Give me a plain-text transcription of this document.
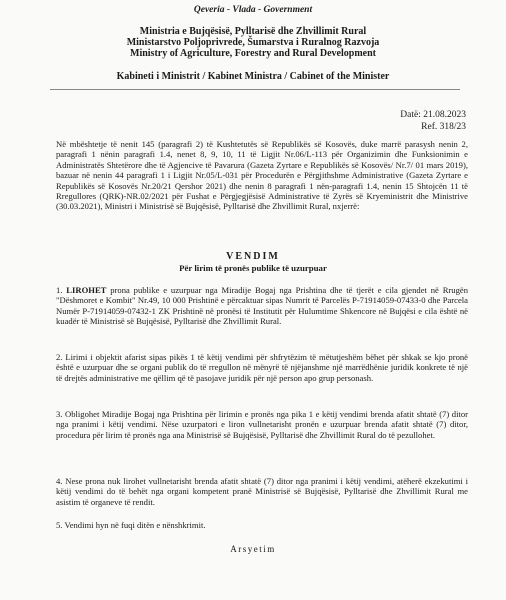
Qeveria - Vlada - Government
Ministria e Bujqësisë, Pylltarisë dhe Zhvillimit Rural
Ministarstvo Poljoprivrede, Šumarstva i Ruralnog Razvoja
Ministry of Agriculture, Forestry and Rural Development
Kabineti i Ministrit / Kabinet Ministra / Cabinet of the Minister
Datë: 21.08.2023
Ref. 318/23
Në mbështetje të nenit 145 (paragrafi 2) të Kushtetutës së Republikës së Kosovës, duke marrë parasysh nenin 2, paragrafi 1 nënin paragrafi 1.4, nenet 8, 9, 10, 11 të Ligjit Nr.06/L-113 për Organizimin dhe Funksionimin e Administratës Shtetërore dhe të Agjencive të Pavarura (Gazeta Zyrtare e Republikës së Kosovës/ Nr.7/ 01 mars 2019), bazuar në nenin 44 paragrafi 1 i Ligjit Nr.05/L-031 për Procedurën e Përgjithshme Administrative (Gazeta Zyrtare e Republikës së Kosovës Nr.20/21 Qershor 2021) dhe nenin 8 paragrafi 1 nën-paragrafi 1.4, nenin 15 Shtojcën 11 të Rregullores (QRK)-NR.02/2021 për Fushat e Përgjegjësisë Administrative të Zyrës së Kryeministrit dhe Ministrive (30.03.2021), Ministri i Ministrisë së Bujqësisë, Pylltarisë dhe Zhvillimit Rural, nxjerrë:
VENDIM
Për lirim të pronës publike të uzurpuar
1. LIROHET prona publike e uzurpuar nga Miradije Bogaj nga Prishtina dhe të tjerët e cila gjendet në Rrugën "Dëshmoret e Kombit" Nr.49, 10 000 Prishtinë e përcaktuar sipas Numrit të Parcelës P-71914059-07433-0 dhe Parcela Numër P-71914059-07432-1 ZK Prishtinë në pronësi të Institutit për Hulumtime Shkencore në Bujqësi e cila është në kuadër të Ministrisë së Bujqësisë, Pylltarisë dhe Zhvillimit Rural.
2. Lirimi i objektit afarist sipas pikës 1 të këtij vendimi për shfrytëzim të mëtutjeshëm bëhet për shkak se kjo pronë është e uzurpuar dhe se organi publik do të rregullon në mënyrë të njëjanshme një marrëdhënie juridik konkrete të një të drejtës administrative me qëllim që të pasojave juridik për një person apo grup personash.
3. Obligohet Miradije Bogaj nga Prishtina për lirimin e pronës nga pika 1 e këtij vendimi brenda afatit shtatë (7) ditor nga pranimi i këtij vendimi. Nëse uzurpatori e liron vullnetarisht pronën e uzurpuar brenda afatit shtatë (7) ditor, procedura për lirim të pronës nga ana Ministrisë së Bujqësisë, Pylltarisë dhe Zhvillimit Rural do të pezullohet.
4. Nese prona nuk lirohet vullnetarisht brenda afatit shtatë (7) ditor nga pranimi i këtij vendimi, atëherë ekzekutimi i këtij vendimi do të behët nga organi kompetent pranë Ministrisë së Bujqësisë, Pylltarisë dhe Zhvillimit Rural me asistim të organeve të rendit.
5. Vendimi hyn në fuqi ditën e nënshkrimit.
Arsyetim
